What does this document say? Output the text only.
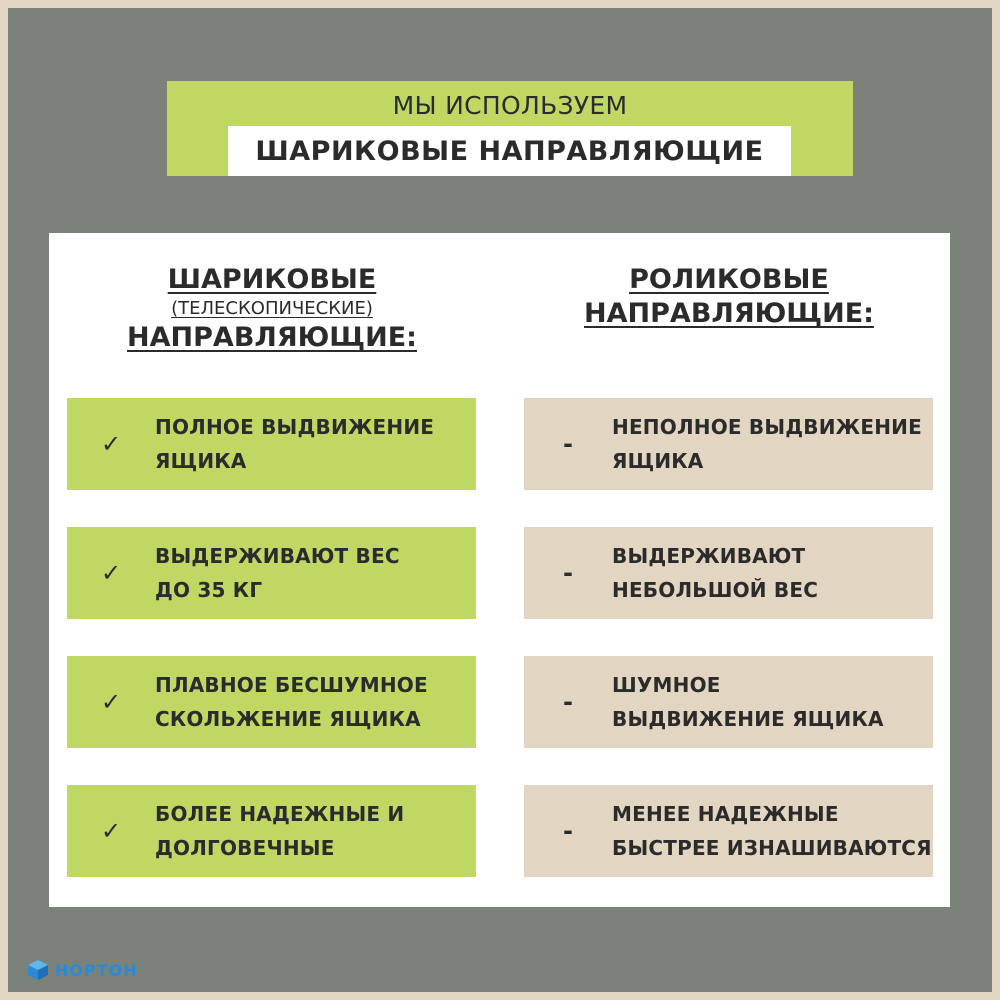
МЫ ИСПОЛЬЗУЕМ
ШАРИКОВЫЕ НАПРАВЛЯЮЩИЕ
ШАРИКОВЫЕ
(ТЕЛЕСКОПИЧЕСКИЕ)
НАПРАВЛЯЮЩИЕ:
РОЛИКОВЫЕ
НАПРАВЛЯЮЩИЕ:
✓
ПОЛНОЕ ВЫДВИЖЕНИЕ
ЯЩИКА
✓
ВЫДЕРЖИВАЮТ ВЕС
ДО 35 КГ
✓
ПЛАВНОЕ БЕСШУМНОЕ
СКОЛЬЖЕНИЕ ЯЩИКА
✓
БОЛЕЕ НАДЕЖНЫЕ И
ДОЛГОВЕЧНЫЕ
-
НЕПОЛНОЕ ВЫДВИЖЕНИЕ
ЯЩИКА
-
ВЫДЕРЖИВАЮТ
НЕБОЛЬШОЙ ВЕС
-
ШУМНОЕ
ВЫДВИЖЕНИЕ ЯЩИКА
-
МЕНЕЕ НАДЕЖНЫЕ
БЫСТРЕЕ ИЗНАШИВАЮТСЯ
НОРТОН
